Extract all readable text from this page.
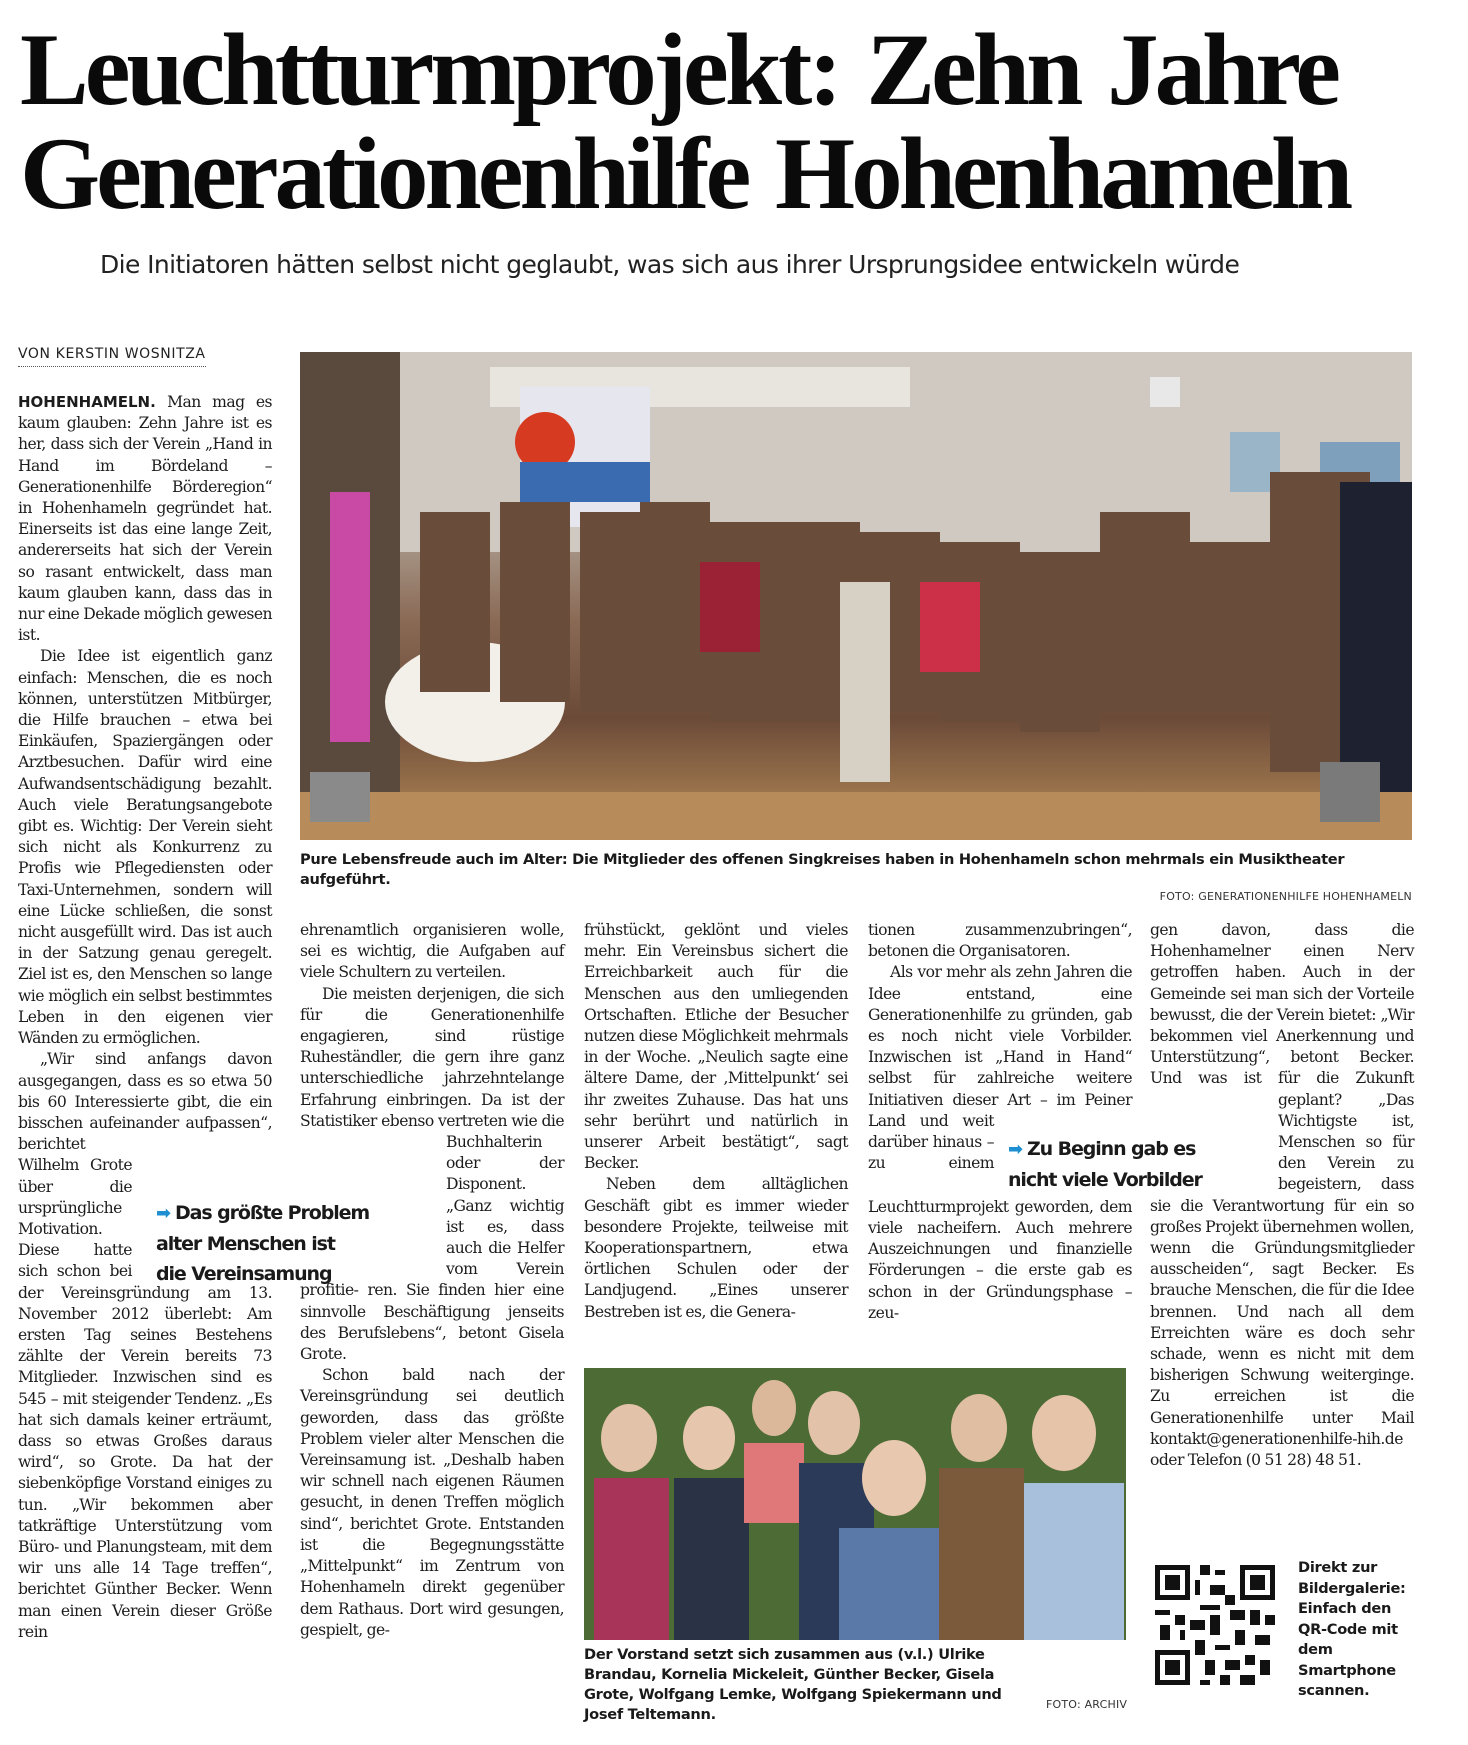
Leuchtturmprojekt: Zehn Jahre
Generationenhilfe Hohenhameln
Die Initiatoren hätten selbst nicht geglaubt, was sich aus ihrer Ursprungsidee entwickeln würde
VON KERSTIN WOSNITZA
Pure Lebensfreude auch im Alter: Die Mitglieder des offenen Singkreises haben in Hohenhameln schon mehrmals ein Musiktheater aufgeführt.
FOTO: GENERATIONENHILFE HOHENHAMELN

HOHENHAMELN. Man mag es kaum glauben: Zehn Jahre ist es her, dass sich der Verein „Hand in Hand im Bördeland – Generationenhilfe Börderegion“ in Hohenhameln gegründet hat. Einerseits ist das eine lange Zeit, andererseits hat sich der Verein so rasant entwickelt, dass man kaum glauben kann, dass das in nur eine Dekade möglich gewesen ist.

Die Idee ist eigentlich ganz einfach: Menschen, die es noch können, unterstützen Mitbürger, die Hilfe brauchen – etwa bei Einkäufen, Spaziergängen oder Arztbesuchen. Dafür wird eine Aufwandsentschädigung bezahlt. Auch viele Beratungsangebote gibt es. Wichtig: Der Verein sieht sich nicht als Konkurrenz zu Profis wie Pflegediensten oder Taxi-Unternehmen, sondern will eine Lücke schließen, die sonst nicht ausgefüllt wird. Das ist auch in der Satzung genau geregelt. Ziel ist es, den Menschen so lange wie möglich ein selbst bestimmtes Leben in den eigenen vier Wänden zu ermöglichen.

„Wir sind anfangs davon ausgegangen, dass es so etwa 50 bis 60 Interessierte gibt, die ein bisschen aufeinander aufpassen“,
berichtet Wilhelm Grote über die ursprüngliche Motivation. Diese hatte sich schon bei der Vereinsgründung am 13. November 2012 überlebt: Am ersten Tag seines Bestehens zählte der Verein bereits 73 Mitglieder. Inzwischen sind es 545 – mit steigender Tendenz. „Es hat sich damals keiner erträumt, dass so etwas Großes daraus wird“, so Grote. Da hat der siebenköpfige Vorstand einiges zu tun. „Wir bekommen aber tatkräftige Unterstützung vom Büro- und Planungsteam, mit dem wir uns alle 14 Tage treffen“, berichtet Günther Becker. Wenn man einen Verein dieser Größe rein

➡ Das größte Problem
alter Menschen ist
die Vereinsamung

ehrenamtlich organisieren wolle, sei es wichtig, die Aufgaben auf viele Schultern zu verteilen.

Die meisten derjenigen, die sich für die Generationenhilfe engagieren, sind rüstige Ruheständler, die gern ihre ganz unterschiedliche jahrzehntelange Erfahrung einbringen. Da ist der Statistiker ebenso vertreten wie die Buchhalterin
oder der Disponent. „Ganz wichtig ist es, dass auch die Helfer vom Verein profitie- ren. Sie finden hier eine sinnvolle Beschäftigung jenseits des Berufslebens“, betont Gisela Grote.

Schon bald nach der Vereinsgründung sei deutlich geworden, dass das größte Problem vieler alter Menschen die Vereinsamung ist. „Deshalb haben wir schnell nach eigenen Räumen gesucht, in denen Treffen möglich sind“, berichtet Grote. Entstanden ist die Begegnungsstätte „Mittelpunkt“ im Zentrum von Hohenhameln direkt gegenüber dem Rathaus. Dort wird gesungen, gespielt, ge-

frühstückt, geklönt und vieles mehr. Ein Vereinsbus sichert die Erreichbarkeit auch für die Menschen aus den umliegenden Ortschaften. Etliche der Besucher nutzen diese Möglichkeit mehrmals in der Woche. „Neulich sagte eine ältere Dame, der ‚Mittelpunkt‘ sei ihr zweites Zuhause. Das hat uns sehr berührt und natürlich in unserer Arbeit bestätigt“, sagt Becker.

Neben dem alltäglichen Geschäft gibt es immer wieder besondere Projekte, teilweise mit Kooperationspartnern, etwa örtlichen Schulen oder der Landjugend. „Eines unserer Bestreben ist es, die Genera-

tionen zusammenzubringen“, betonen die Organisatoren.

Als vor mehr als zehn Jahren die Idee entstand, eine Generationenhilfe zu gründen, gab es noch nicht viele Vorbilder. Inzwischen ist „Hand in Hand“ selbst für zahlreiche weitere Initiativen dieser Art – im Peiner Land und weit darüber hinaus – zu einem Leuchtturmprojekt geworden, dem viele nacheifern. Auch mehrere Auszeichnungen und finanzielle Förderungen – die erste gab es schon in der Gründungsphase – zeu-

➡ Zu Beginn gab es
nicht viele Vorbilder

gen davon, dass die Hohenhamelner einen Nerv getroffen haben. Auch in der Gemeinde sei man sich der Vorteile bewusst, die der Verein bietet: „Wir bekommen viel Anerkennung und Unterstützung“, betont Becker. Und was ist für die Zukunft geplant? „Das
Wichtigste ist, Menschen so für den Verein zu begeistern, dass sie die Verantwortung für ein so großes Projekt übernehmen wollen, wenn die Gründungsmitglieder ausscheiden“, sagt Becker. Es brauche Menschen, die für die Idee brennen. Und nach all dem Erreichten wäre es doch sehr schade, wenn es nicht mit dem bisherigen Schwung weiterginge. Zu erreichen ist die Generationenhilfe unter Mail kontakt@generationenhilfe-hih.de oder Telefon (0 51 28) 48 51.

Der Vorstand setzt sich zusammen aus (v.l.) Ulrike Brandau, Kornelia Mickeleit, Günther Becker, Gisela Grote, Wolfgang Lemke, Wolfgang Spiekermann und Josef Teltemann.
FOTO: ARCHIV
Direkt zur Bildergalerie: Einfach den QR-Code mit dem Smartphone scannen.
